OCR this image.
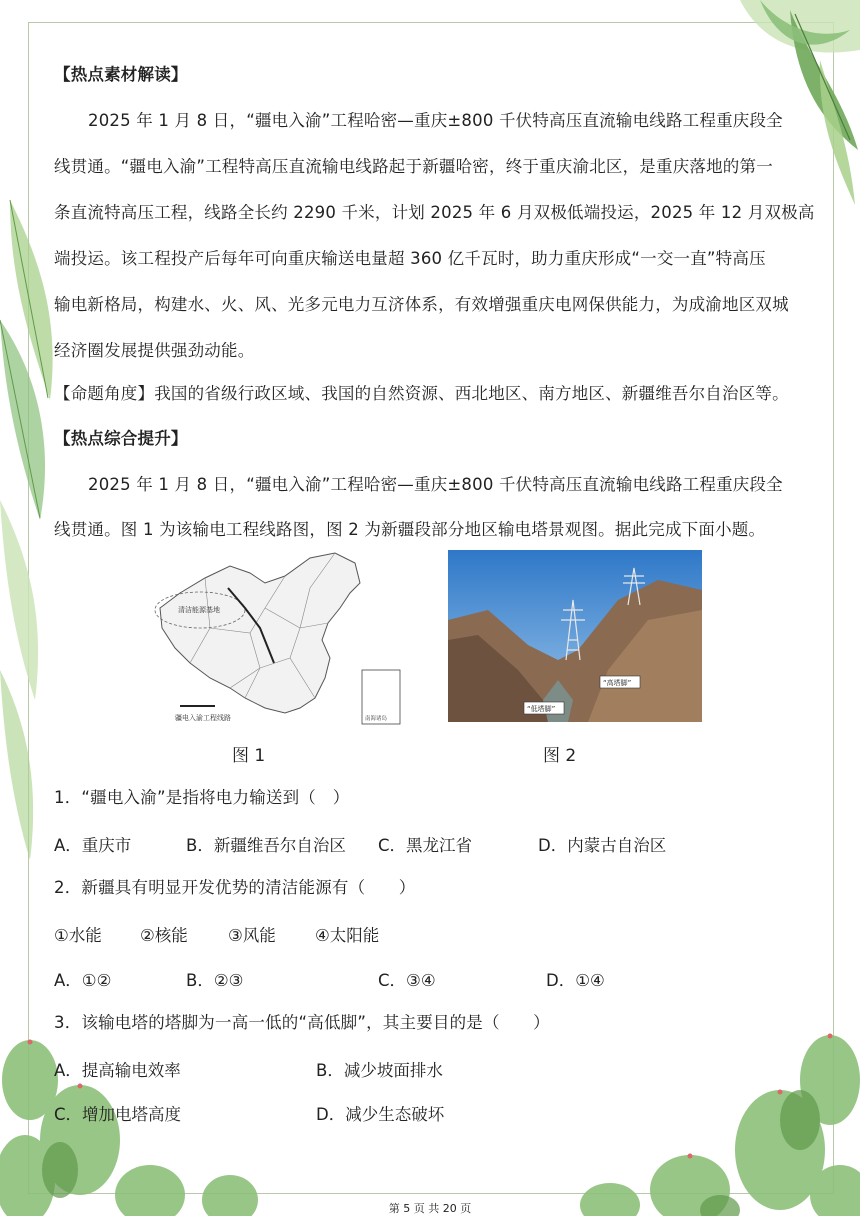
【热点素材解读】
2025 年 1 月 8 日，“疆电入渝”工程哈密—重庆±800 千伏特高压直流输电线路工程重庆段全
线贯通。“疆电入渝”工程特高压直流输电线路起于新疆哈密，终于重庆渝北区，是重庆落地的第一
条直流特高压工程，线路全长约 2290 千米，计划 2025 年 6 月双极低端投运，2025 年 12 月双极高
端投运。该工程投产后每年可向重庆输送电量超 360 亿千瓦时，助力重庆形成“一交一直”特高压
输电新格局，构建水、火、风、光多元电力互济体系，有效增强重庆电网保供能力，为成渝地区双城
经济圈发展提供强劲动能。
【命题角度】我国的省级行政区域、我国的自然资源、西北地区、南方地区、新疆维吾尔自治区等。
【热点综合提升】
2025 年 1 月 8 日，“疆电入渝”工程哈密—重庆±800 千伏特高压直流输电线路工程重庆段全
线贯通。图 1 为该输电工程线路图，图 2 为新疆段部分地区输电塔景观图。据此完成下面小题。
清洁能源基地
疆电入渝工程线路	南海诸岛
“高塔脚”
“低塔脚”
图 1	图 2
1．“疆电入渝”是指将电力输送到（　）
A．重庆市	B．新疆维吾尔自治区 C．黑龙江省	D．内蒙古自治区
2．新疆具有明显开发优势的清洁能源有（　　）
①水能 ②核能 ③风能 ④太阳能
A．①②	B．②③	C．③④	D．①④
3．该输电塔的塔脚为一高一低的“高低脚”，其主要目的是（　　）
A．提高输电效率	B．减少坡面排水
C．增加电塔高度	D．减少生态破坏
第 5 页 共 20 页
